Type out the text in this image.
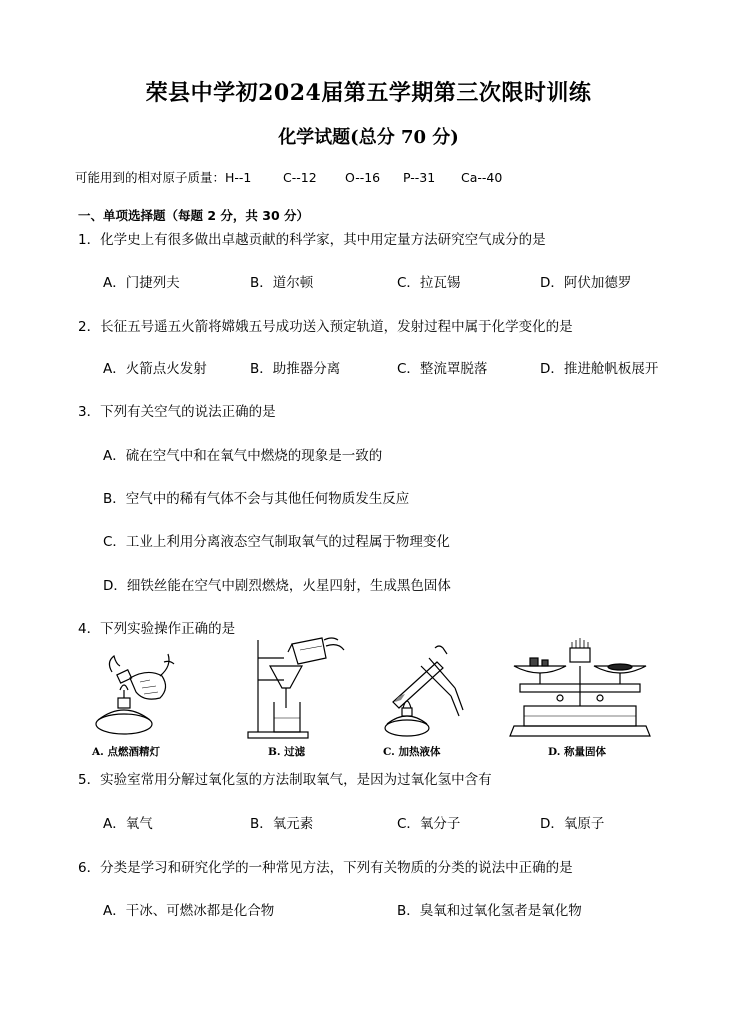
荣县中学初2024届第五学期第三次限时训练
化学试题(总分 70 分)
可能用到的相对原子质量：H--1	C--12 O--16 P--31 Ca--40
一、单项选择题（每题 2 分，共 30 分）
1．化学史上有很多做出卓越贡献的科学家，其中用定量方法研究空气成分的是
A．门捷列夫	B．道尔顿	C．拉瓦锡	D．阿伏加德罗
2．长征五号遥五火箭将嫦娥五号成功送入预定轨道，发射过程中属于化学变化的是
A．火箭点火发射	B．助推器分离	C．整流罩脱落	D．推进舱帆板展开
3．下列有关空气的说法正确的是
A．硫在空气中和在氧气中燃烧的现象是一致的
B．空气中的稀有气体不会与其他任何物质发生反应
C．工业上利用分离液态空气制取氧气的过程属于物理变化
D．细铁丝能在空气中剧烈燃烧，火星四射，生成黑色固体
4．下列实验操作正确的是
A. 点燃酒精灯	B. 过滤	C. 加热液体	D. 称量固体
5．实验室常用分解过氧化氢的方法制取氧气，是因为过氧化氢中含有
A．氧气	B．氧元素	C．氧分子	D．氧原子
6．分类是学习和研究化学的一种常见方法，下列有关物质的分类的说法中正确的是
A．干冰、可燃冰都是化合物	B．臭氧和过氧化氢者是氧化物
